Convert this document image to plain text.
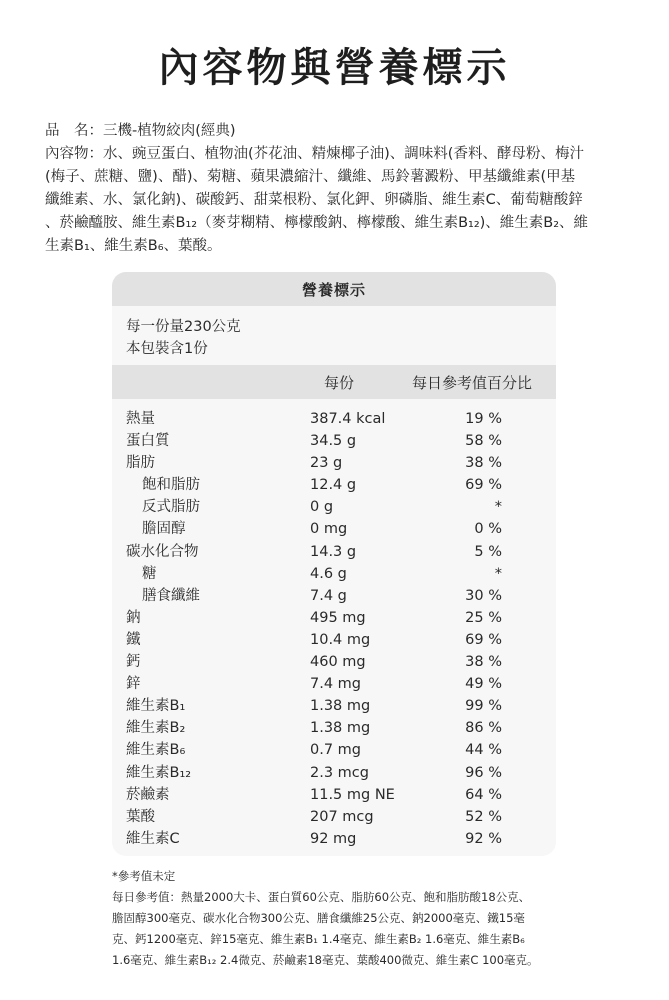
內容物與營養標示
品　名：三機-植物絞肉(經典)
內容物：水、豌豆蛋白、植物油(芥花油、精煉椰子油)、調味料(香料、酵母粉、梅汁
(梅子、蔗糖、鹽)、醋)、菊糖、蘋果濃縮汁、纖維、馬鈴薯澱粉、甲基纖維素(甲基
纖維素、水、氯化鈉)、碳酸鈣、甜菜根粉、氯化鉀、卵磷脂、維生素C、葡萄糖酸鋅
、菸鹼醯胺、維生素B₁₂（麥芽糊精、檸檬酸鈉、檸檬酸、維生素B₁₂)、維生素B₂、維
生素B₁、維生素B₆、葉酸。
營養標示
每一份量230公克
本包裝含1份
每份	每日參考值百分比
熱量	387.4 kcal	19 %
蛋白質	34.5 g	58 %
脂肪	23 g	38 %
飽和脂肪	12.4 g	69 %
反式脂肪	0 g	*
膽固醇	0 mg	0 %
碳水化合物	14.3 g	5 %
糖	4.6 g	*
膳食纖維	7.4 g	30 %
鈉	495 mg	25 %
鐵	10.4 mg	69 %
鈣	460 mg	38 %
鋅	7.4 mg	49 %
維生素B₁	1.38 mg	99 %
維生素B₂	1.38 mg	86 %
維生素B₆	0.7 mg	44 %
維生素B₁₂	2.3 mcg	96 %
菸鹼素	11.5 mg NE	64 %
葉酸	207 mcg	52 %
維生素C	92 mg	92 %
*參考值未定
每日參考值：熱量2000大卡、蛋白質60公克、脂肪60公克、飽和脂肪酸18公克、
膽固醇300毫克、碳水化合物300公克、膳食纖維25公克、鈉2000毫克、鐵15毫
克、鈣1200毫克、鋅15毫克、維生素B₁ 1.4毫克、維生素B₂ 1.6毫克、維生素B₆
1.6毫克、維生素B₁₂ 2.4微克、菸鹼素18毫克、葉酸400微克、維生素C 100毫克。
